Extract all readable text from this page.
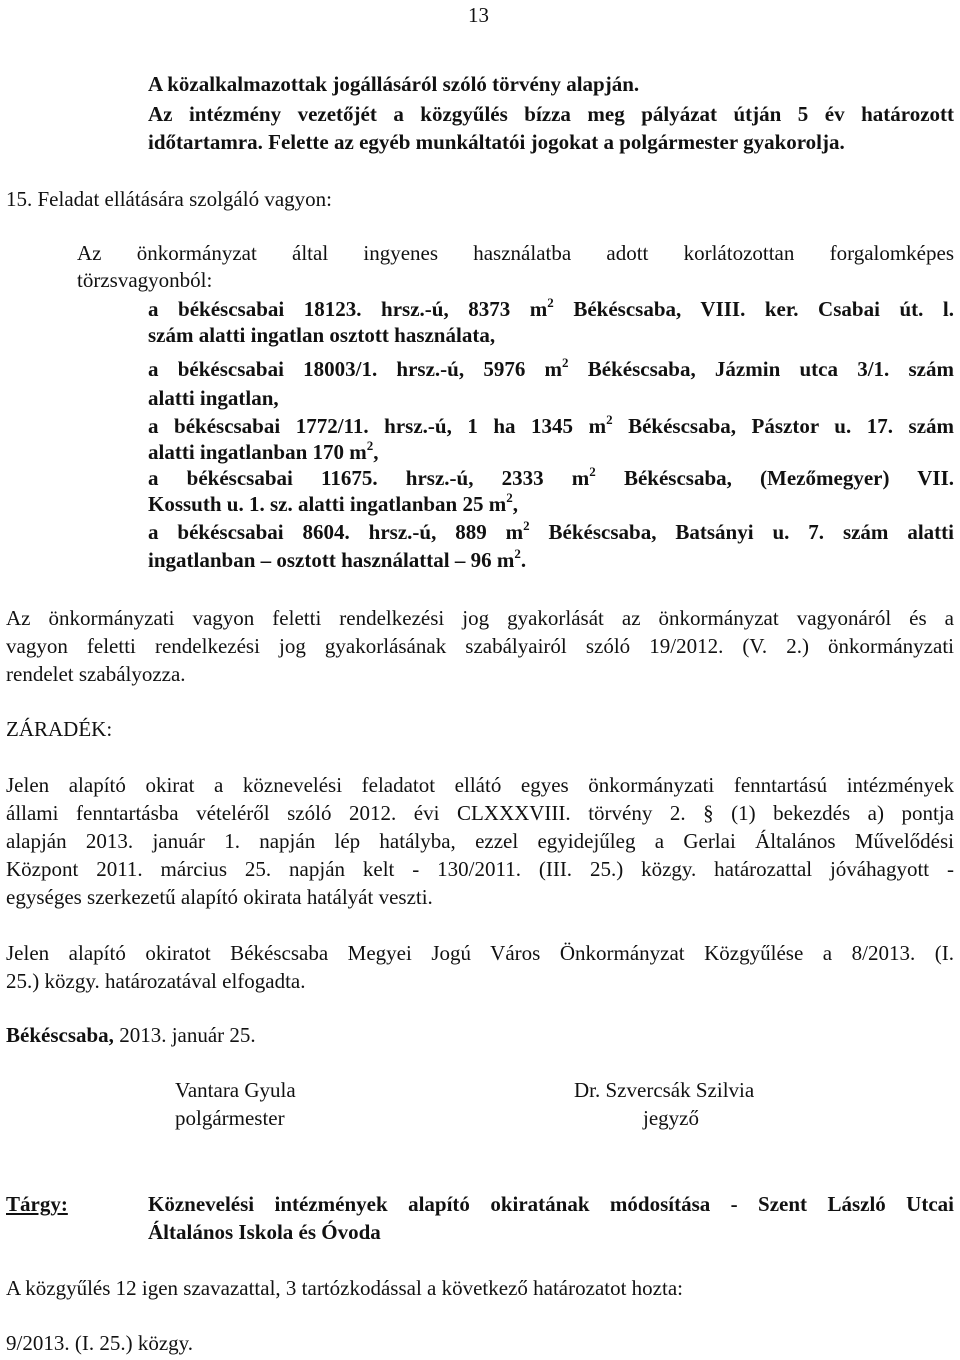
13
A közalkalmazottak jogállásáról szóló törvény alapján.
Az intézmény vezetőjét a közgyűlés bízza meg pályázat útján 5 év határozott
időtartamra. Felette az egyéb munkáltatói jogokat a polgármester gyakorolja.
15. Feladat ellátására szolgáló vagyon:
Az önkormányzat által ingyenes használatba adott korlátozottan forgalomképes
törzsvagyonból:
a békéscsabai 18123. hrsz.-ú, 8373 $m^2$ Békéscsaba, VIII. ker. Csabai út. l.
szám alatti ingatlan osztott használata,
a békéscsabai 18003/1. hrsz.-ú, 5976 $m^2$ Békéscsaba, Jázmin utca 3/1. szám
alatti ingatlan,
a békéscsabai 1772/11. hrsz.-ú, 1 ha 1345 $m^2$ Békéscsaba, Pásztor u. 17. szám
alatti ingatlanban 170 $m^2$,
a békéscsabai 11675. hrsz.-ú, 2333 $m^2$ Békéscsaba, (Mezőmegyer) VII.
Kossuth u. 1. sz. alatti ingatlanban 25 $m^2$,
a békéscsabai 8604. hrsz.-ú, 889 $m^2$ Békéscsaba, Batsányi u. 7. szám alatti
ingatlanban – osztott használattal – 96 $m^2$.
Az önkormányzati vagyon feletti rendelkezési jog gyakorlását az önkormányzat vagyonáról és a
vagyon feletti rendelkezési jog gyakorlásának szabályairól szóló 19/2012. (V. 2.) önkormányzati
rendelet szabályozza.
ZÁRADÉK:
Jelen alapító okirat a köznevelési feladatot ellátó egyes önkormányzati fenntartású intézmények
állami fenntartásba vételéről szóló 2012. évi CLXXXVIII. törvény 2. § (1) bekezdés a) pontja
alapján 2013. január 1. napján lép hatályba, ezzel egyidejűleg a Gerlai Általános Művelődési
Központ 2011. március 25. napján kelt - 130/2011. (III. 25.) közgy. határozattal jóváhagyott -
egységes szerkezetű alapító okirata hatályát veszti.
Jelen alapító okiratot Békéscsaba Megyei Jogú Város Önkormányzat Közgyűlése a 8/2013. (I.
25.) közgy. határozatával elfogadta.
Békéscsaba, 2013. január 25.
Vantara Gyula
polgármester
Dr. Szvercsák Szilvia
jegyző
Tárgy:	Köznevelési intézmények alapító okiratának módosítása - Szent László Utcai
Általános Iskola és Óvoda
A közgyűlés 12 igen szavazattal, 3 tartózkodással a következő határozatot hozta:
9/2013. (I. 25.) közgy.
